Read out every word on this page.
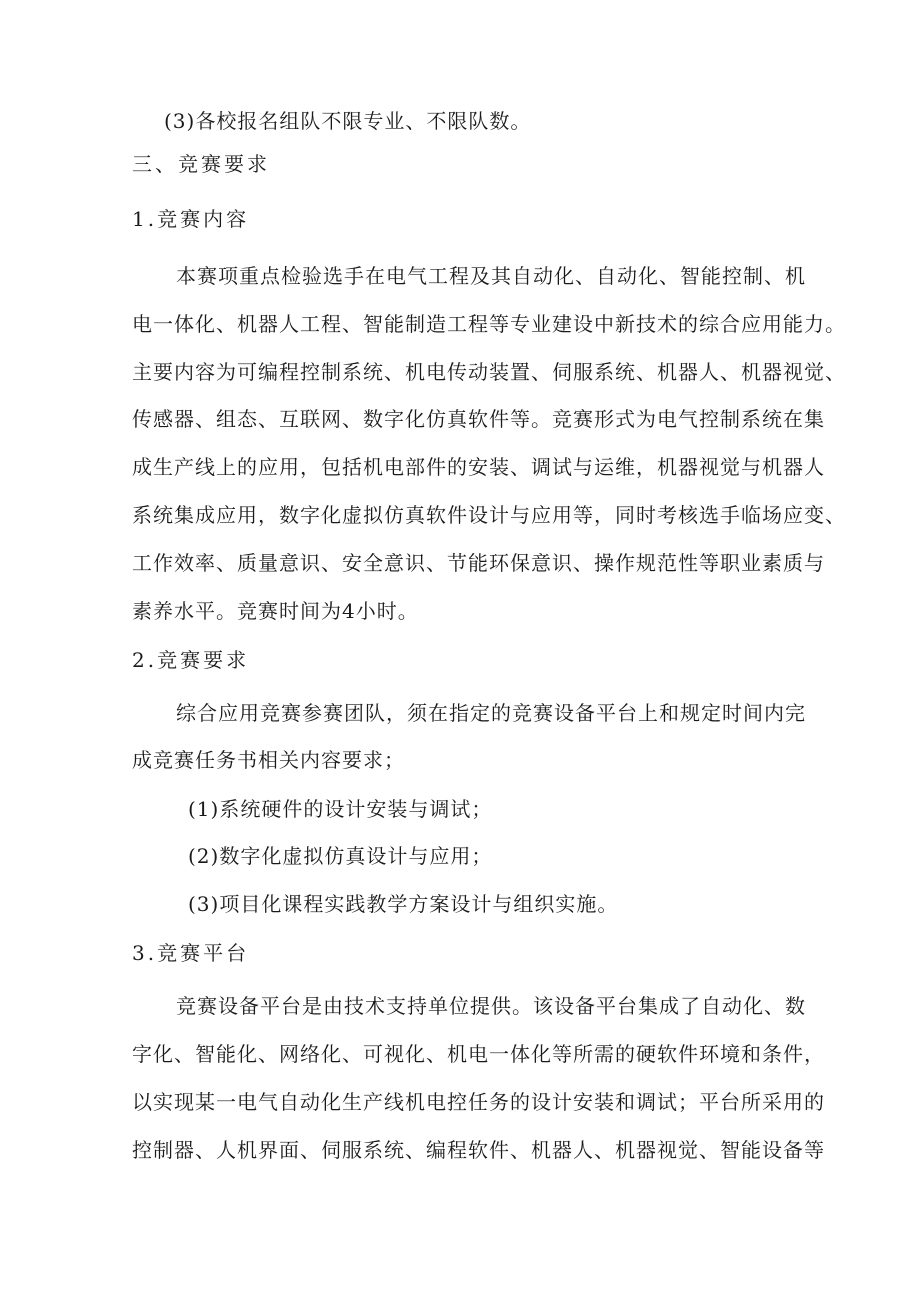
(3)各校报名组队不限专业、不限队数。
三、竞赛要求
1.竞赛内容
本赛项重点检验选手在电气工程及其自动化、自动化、智能控制、机
电一体化、机器人工程、智能制造工程等专业建设中新技术的综合应用能力。
主要内容为可编程控制系统、机电传动装置、伺服系统、机器人、机器视觉、
传感器、组态、互联网、数字化仿真软件等。竞赛形式为电气控制系统在集
成生产线上的应用，包括机电部件的安装、调试与运维，机器视觉与机器人
系统集成应用，数字化虚拟仿真软件设计与应用等，同时考核选手临场应变、
工作效率、质量意识、安全意识、节能环保意识、操作规范性等职业素质与
素养水平。竞赛时间为4小时。
2.竞赛要求
综合应用竞赛参赛团队，须在指定的竞赛设备平台上和规定时间内完
成竞赛任务书相关内容要求；
(1)系统硬件的设计安装与调试；
(2)数字化虚拟仿真设计与应用；
(3)项目化课程实践教学方案设计与组织实施。
3.竞赛平台
竞赛设备平台是由技术支持单位提供。该设备平台集成了自动化、数
字化、智能化、网络化、可视化、机电一体化等所需的硬软件环境和条件，
以实现某一电气自动化生产线机电控任务的设计安装和调试；平台所采用的
控制器、人机界面、伺服系统、编程软件、机器人、机器视觉、智能设备等
